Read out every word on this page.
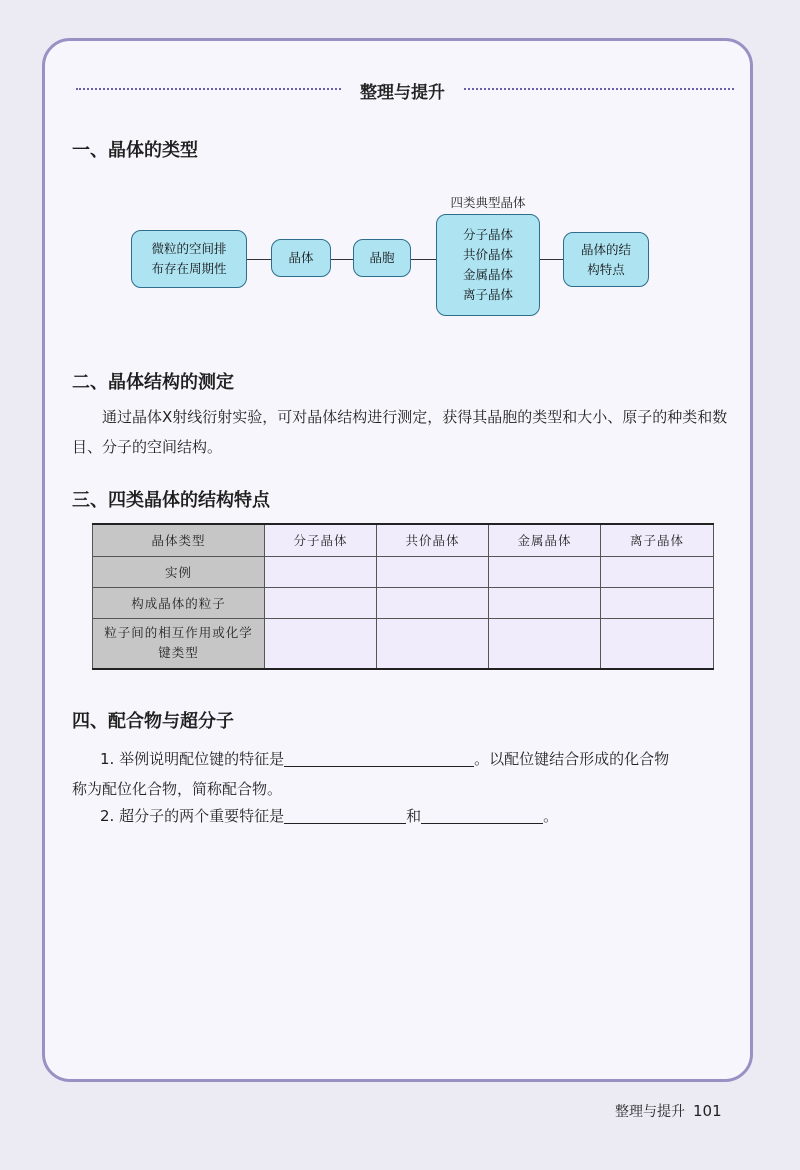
整理与提升
一、晶体的类型
微粒的空间排
布存在周期性
晶体	晶胞
四类典型晶体
分子晶体
共价晶体
金属晶体
离子晶体
晶体的结
构特点
二、晶体结构的测定
通过晶体X射线衍射实验，可对晶体结构进行测定，获得其晶胞的类型和大小、原子的种类和数目、分子的空间结构。
三、四类晶体的结构特点
晶体类型	分子晶体	共价晶体	金属晶体	离子晶体
实例				
构成晶体的粒子				
粒子间的相互作用或化学键类型				
四、配合物与超分子
1. 举例说明配位键的特征是	。以配位键结合形成的化合物
称为配位化合物，简称配合物。
2. 超分子的两个重要特征是	和	。
整理与提升 101
